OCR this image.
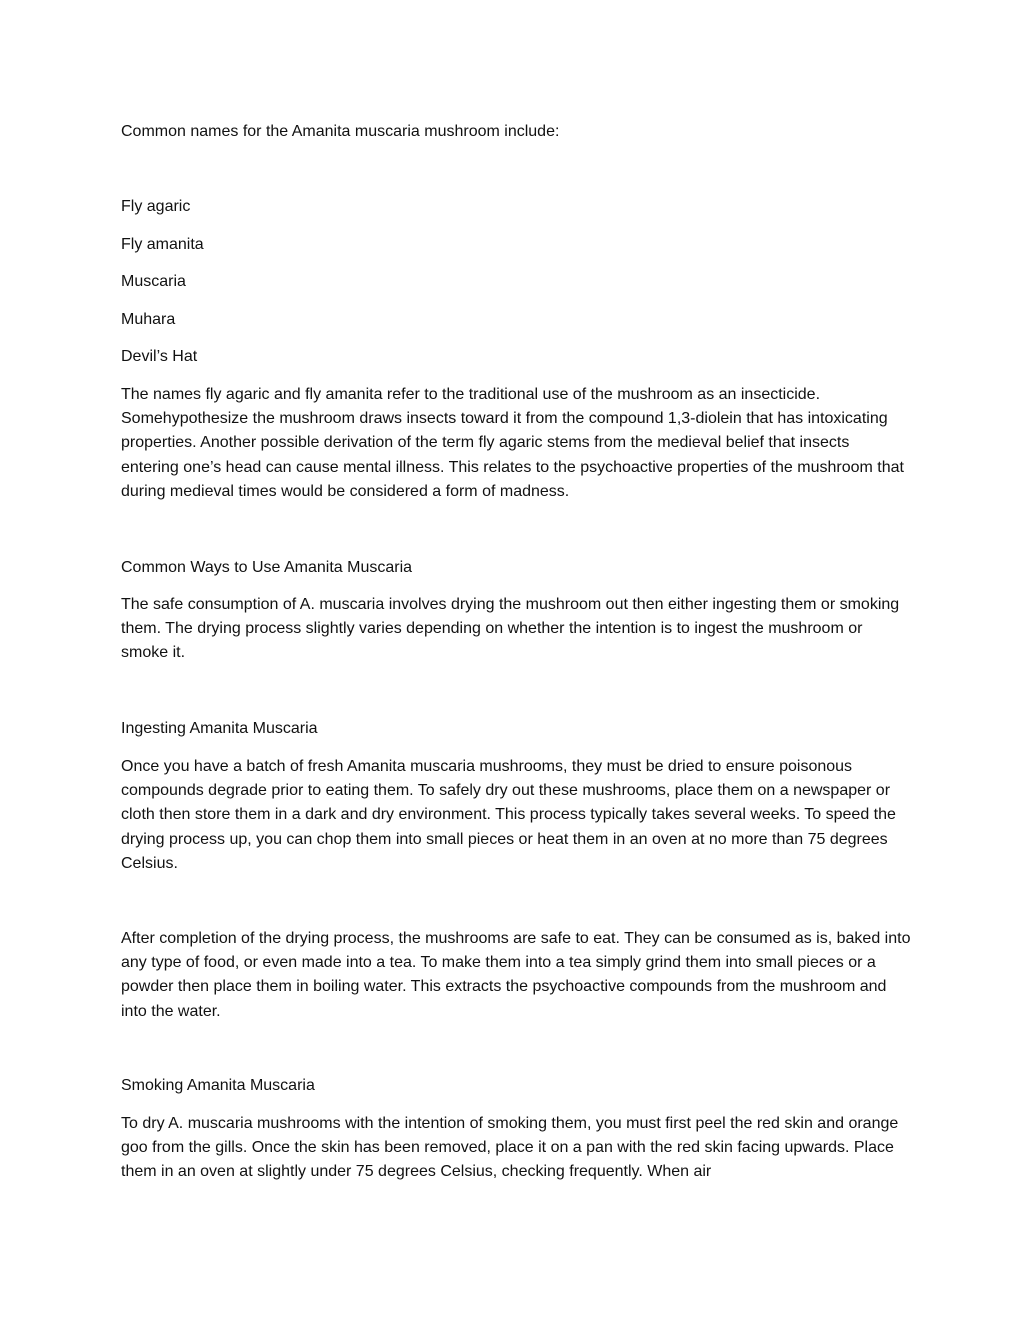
Common names for the Amanita muscaria mushroom include:

Fly agaric

Fly amanita

Muscaria

Muhara

Devil’s Hat

The names fly agaric and fly amanita refer to the traditional use of the mushroom as an insecticide. Somehypothesize the mushroom draws insects toward it from the compound 1,3-diolein that has intoxicating properties. Another possible derivation of the term fly agaric stems from the medieval belief that insects entering one’s head can cause mental illness. This relates to the psychoactive properties of the mushroom that during medieval times would be considered a form of madness.

Common Ways to Use Amanita Muscaria

The safe consumption of A. muscaria involves drying the mushroom out then either ingesting them or smoking them. The drying process slightly varies depending on whether the intention is to ingest the mushroom or smoke it.

Ingesting Amanita Muscaria

Once you have a batch of fresh Amanita muscaria mushrooms, they must be dried to ensure poisonous compounds degrade prior to eating them. To safely dry out these mushrooms, place them on a newspaper or cloth then store them in a dark and dry environment. This process typically takes several weeks. To speed the drying process up, you can chop them into small pieces or heat them in an oven at no more than 75 degrees Celsius.

After completion of the drying process, the mushrooms are safe to eat. They can be consumed as is, baked into any type of food, or even made into a tea. To make them into a tea simply grind them into small pieces or a powder then place them in boiling water. This extracts the psychoactive compounds from the mushroom and into the water.

Smoking Amanita Muscaria

To dry A. muscaria mushrooms with the intention of smoking them, you must first peel the red skin and orange goo from the gills. Once the skin has been removed, place it on a pan with the red skin facing upwards. Place them in an oven at slightly under 75 degrees Celsius, checking frequently. When air
